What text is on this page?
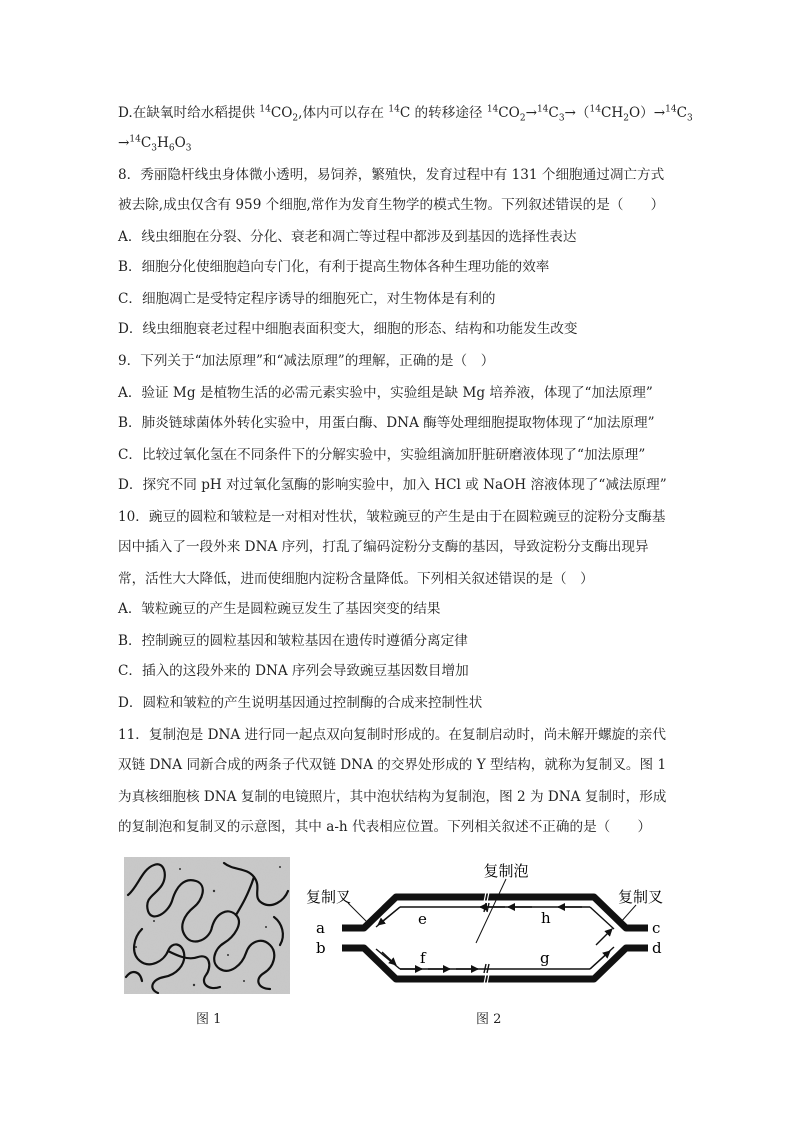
D.在缺氧时给水稻提供 $^{14}CO_2$,体内可以存在 $^{14}$C 的转移途径 $^{14}CO_2\to^{14}C_3\to(^{14}CH_2O)\to^{14}C_3$
$\to^{14}C_3H_6O_3$
8．秀丽隐杆线虫身体微小透明，易饲养，繁殖快，发育过程中有 131 个细胞通过凋亡方式
被去除,成虫仅含有 959 个细胞,常作为发育生物学的模式生物。下列叙述错误的是（　　）
A．线虫细胞在分裂、分化、衰老和凋亡等过程中都涉及到基因的选择性表达
B．细胞分化使细胞趋向专门化，有利于提高生物体各种生理功能的效率
C．细胞凋亡是受特定程序诱导的细胞死亡，对生物体是有利的
D．线虫细胞衰老过程中细胞表面积变大，细胞的形态、结构和功能发生改变
9．下列关于“加法原理”和“减法原理”的理解，正确的是（　）
A．验证 Mg 是植物生活的必需元素实验中，实验组是缺 Mg 培养液，体现了“加法原理”
B．肺炎链球菌体外转化实验中，用蛋白酶、DNA 酶等处理细胞提取物体现了“加法原理”
C．比较过氧化氢在不同条件下的分解实验中，实验组滴加肝脏研磨液体现了“加法原理”
D．探究不同 pH 对过氧化氢酶的影响实验中，加入 HCl 或 NaOH 溶液体现了“减法原理”
10．豌豆的圆粒和皱粒是一对相对性状，皱粒豌豆的产生是由于在圆粒豌豆的淀粉分支酶基
因中插入了一段外来 DNA 序列，打乱了编码淀粉分支酶的基因，导致淀粉分支酶出现异
常，活性大大降低，进而使细胞内淀粉含量降低。下列相关叙述错误的是（　）
A．皱粒豌豆的产生是圆粒豌豆发生了基因突变的结果
B．控制豌豆的圆粒基因和皱粒基因在遗传时遵循分离定律
C．插入的这段外来的 DNA 序列会导致豌豆基因数目增加
D．圆粒和皱粒的产生说明基因通过控制酶的合成来控制性状
11．复制泡是 DNA 进行同一起点双向复制时形成的。在复制启动时，尚未解开螺旋的亲代
双链 DNA 同新合成的两条子代双链 DNA 的交界处形成的 Y 型结构，就称为复制叉。图 1
为真核细胞核 DNA 复制的电镜照片，其中泡状结构为复制泡，图 2 为 DNA 复制时，形成
的复制泡和复制叉的示意图，其中 a-h 代表相应位置。下列相关叙述不正确的是（　　）
图 1
复制泡
复制叉	复制叉
a
b
c
d
e
f	g
h
图 2
